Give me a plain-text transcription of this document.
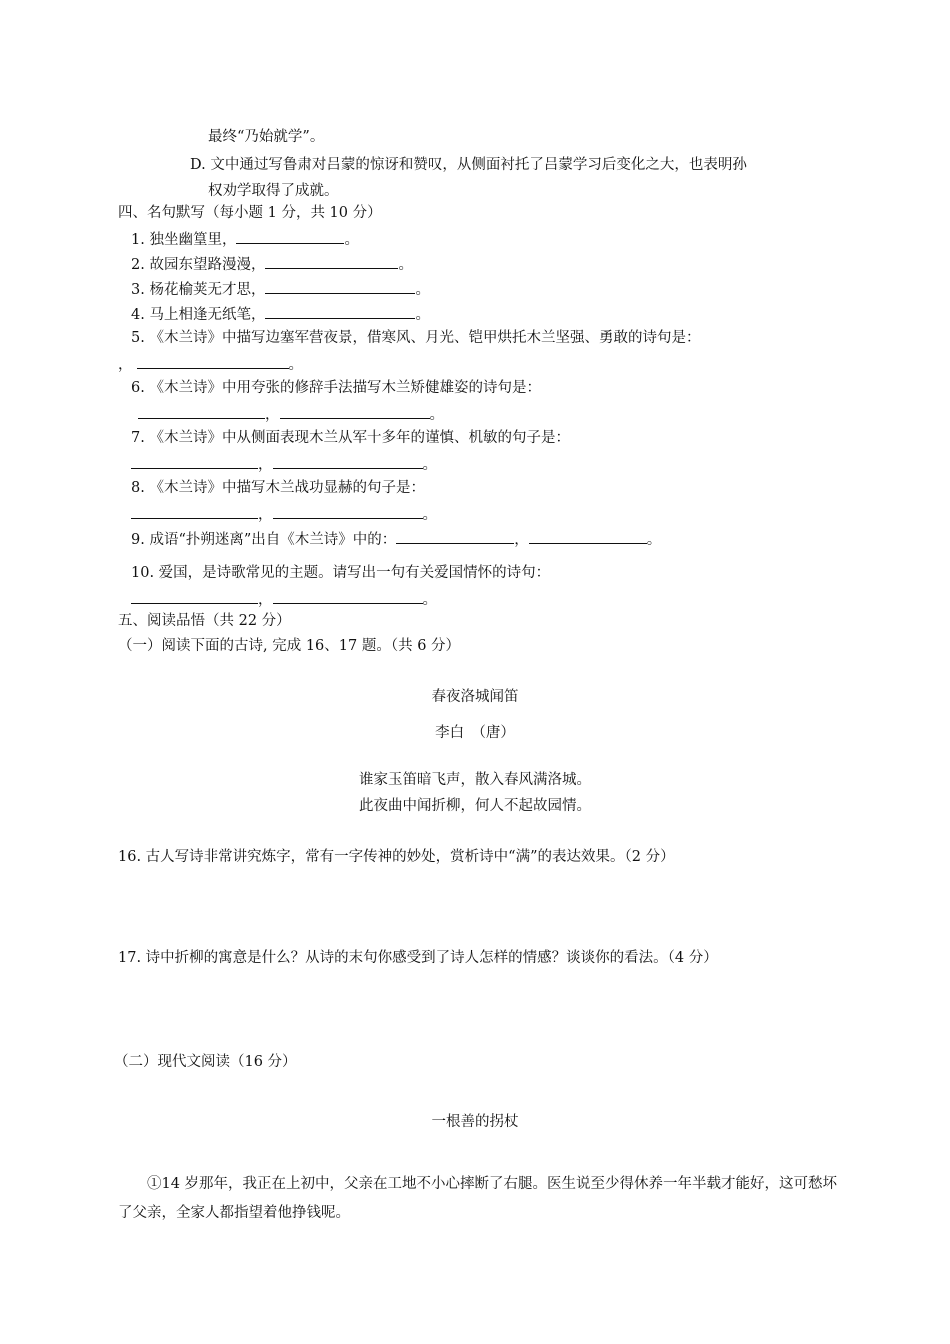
最终“乃始就学”。
D. 文中通过写鲁肃对吕蒙的惊讶和赞叹，从侧面衬托了吕蒙学习后变化之大，也表明孙
权劝学取得了成就。
四、名句默写（每小题 1 分，共 10 分）
1. 独坐幽篁里，	。
2. 故园东望路漫漫，	。
3. 杨花榆荚无才思，	。
4. 马上相逢无纸笔，	。
5. 《木兰诗》中描写边塞军营夜景，借寒风、月光、铠甲烘托木兰坚强、勇敢的诗句是：
，	。
6. 《木兰诗》中用夸张的修辞手法描写木兰矫健雄姿的诗句是：
，	。
7. 《木兰诗》中从侧面表现木兰从军十多年的谨慎、机敏的句子是：
，	。
8. 《木兰诗》中描写木兰战功显赫的句子是：
，	。
9. 成语“扑朔迷离”出自《木兰诗》中的：	，	。
10. 爱国，是诗歌常见的主题。请写出一句有关爱国情怀的诗句：
，	。
五、阅读品悟（共 22 分）
（一）阅读下面的古诗, 完成 16、17 题。（共 6 分）
春夜洛城闻笛
李白　（唐）
谁家玉笛暗飞声，散入春风满洛城。
此夜曲中闻折柳，何人不起故园情。
16. 古人写诗非常讲究炼字，常有一字传神的妙处，赏析诗中“满”的表达效果。（2 分）
17. 诗中折柳的寓意是什么？从诗的末句你感受到了诗人怎样的情感？谈谈你的看法。（4 分）
（二）现代文阅读（16 分）
一根善的拐杖
①14 岁那年，我正在上初中，父亲在工地不小心摔断了右腿。医生说至少得休养一年半载才能好，这可愁坏了父亲，全家人都指望着他挣钱呢。
